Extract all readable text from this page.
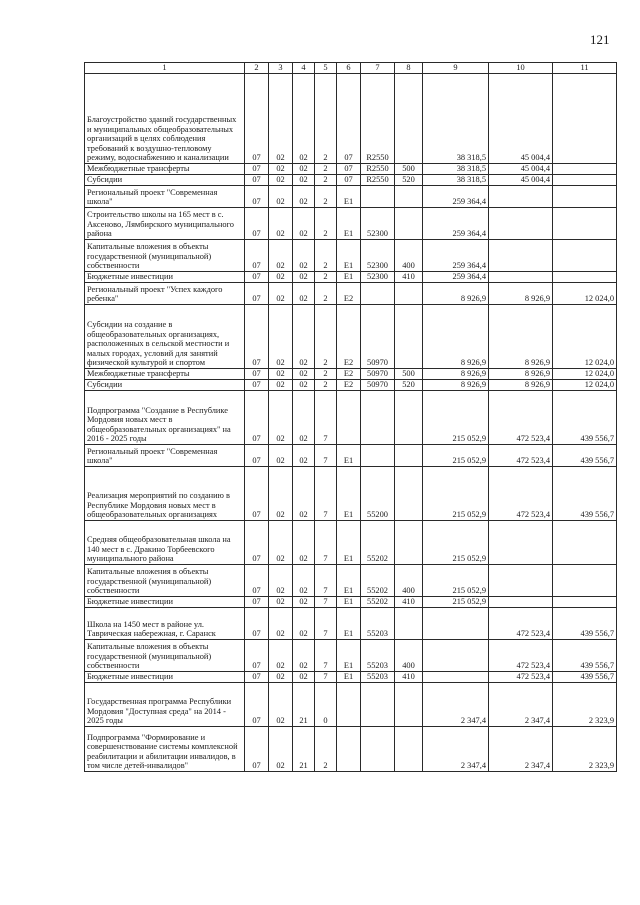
121
1	2	3	4	5	6	7	8	9	10	11
Благоустройство зданий государственных и муниципальных общеобразовательных организаций в целях соблюдения требований к воздушно-тепловому режиму, водоснабжению и канализации	07	02	02	2	07	R2550		38 318,5	45 004,4	
Межбюджетные трансферты	07	02	02	2	07	R2550	500	38 318,5	45 004,4	
Субсидии	07	02	02	2	07	R2550	520	38 318,5	45 004,4	
Региональный проект "Современная школа"	07	02	02	2	Е1			259 364,4		
Строительство школы на 165 мест в с. Аксеново, Лямбирского муниципального района	07	02	02	2	Е1	52300		259 364,4		
Капитальные вложения в объекты государственной (муниципальной) собственности	07	02	02	2	Е1	52300	400	259 364,4		
Бюджетные инвестиции	07	02	02	2	Е1	52300	410	259 364,4		
Региональный проект "Успех каждого ребенка"	07	02	02	2	Е2			8 926,9	8 926,9	12 024,0
Субсидии на создание в общеобразовательных организациях, расположенных в сельской местности и малых городах, условий для занятий физической культурой и спортом	07	02	02	2	Е2	50970		8 926,9	8 926,9	12 024,0
Межбюджетные трансферты	07	02	02	2	Е2	50970	500	8 926,9	8 926,9	12 024,0
Субсидии	07	02	02	2	Е2	50970	520	8 926,9	8 926,9	12 024,0
Подпрограмма "Создание в Республике Мордовия новых мест в общеобразовательных организациях" на 2016 - 2025 годы	07	02	02	7				215 052,9	472 523,4	439 556,7
Региональный проект "Современная школа"	07	02	02	7	Е1			215 052,9	472 523,4	439 556,7
Реализация мероприятий по созданию в Республике Мордовия новых мест в общеобразовательных организациях	07	02	02	7	Е1	55200		215 052,9	472 523,4	439 556,7
Средняя общеобразовательная школа на 140 мест в с. Дракино Торбеевского муниципального района	07	02	02	7	Е1	55202		215 052,9		
Капитальные вложения в объекты государственной (муниципальной) собственности	07	02	02	7	Е1	55202	400	215 052,9		
Бюджетные инвестиции	07	02	02	7	Е1	55202	410	215 052,9		
Школа на 1450 мест в районе ул. Таврическая набережная, г. Саранск	07	02	02	7	Е1	55203			472 523,4	439 556,7
Капитальные вложения в объекты государственной (муниципальной) собственности	07	02	02	7	Е1	55203	400		472 523,4	439 556,7
Бюджетные инвестиции	07	02	02	7	Е1	55203	410		472 523,4	439 556,7
Государственная программа Республики Мордовия "Доступная среда" на 2014 - 2025 годы	07	02	21	0				2 347,4	2 347,4	2 323,9
Подпрограмма "Формирование и совершенствование системы комплексной реабилитации и абилитации инвалидов, в том числе детей-инвалидов"	07	02	21	2				2 347,4	2 347,4	2 323,9
